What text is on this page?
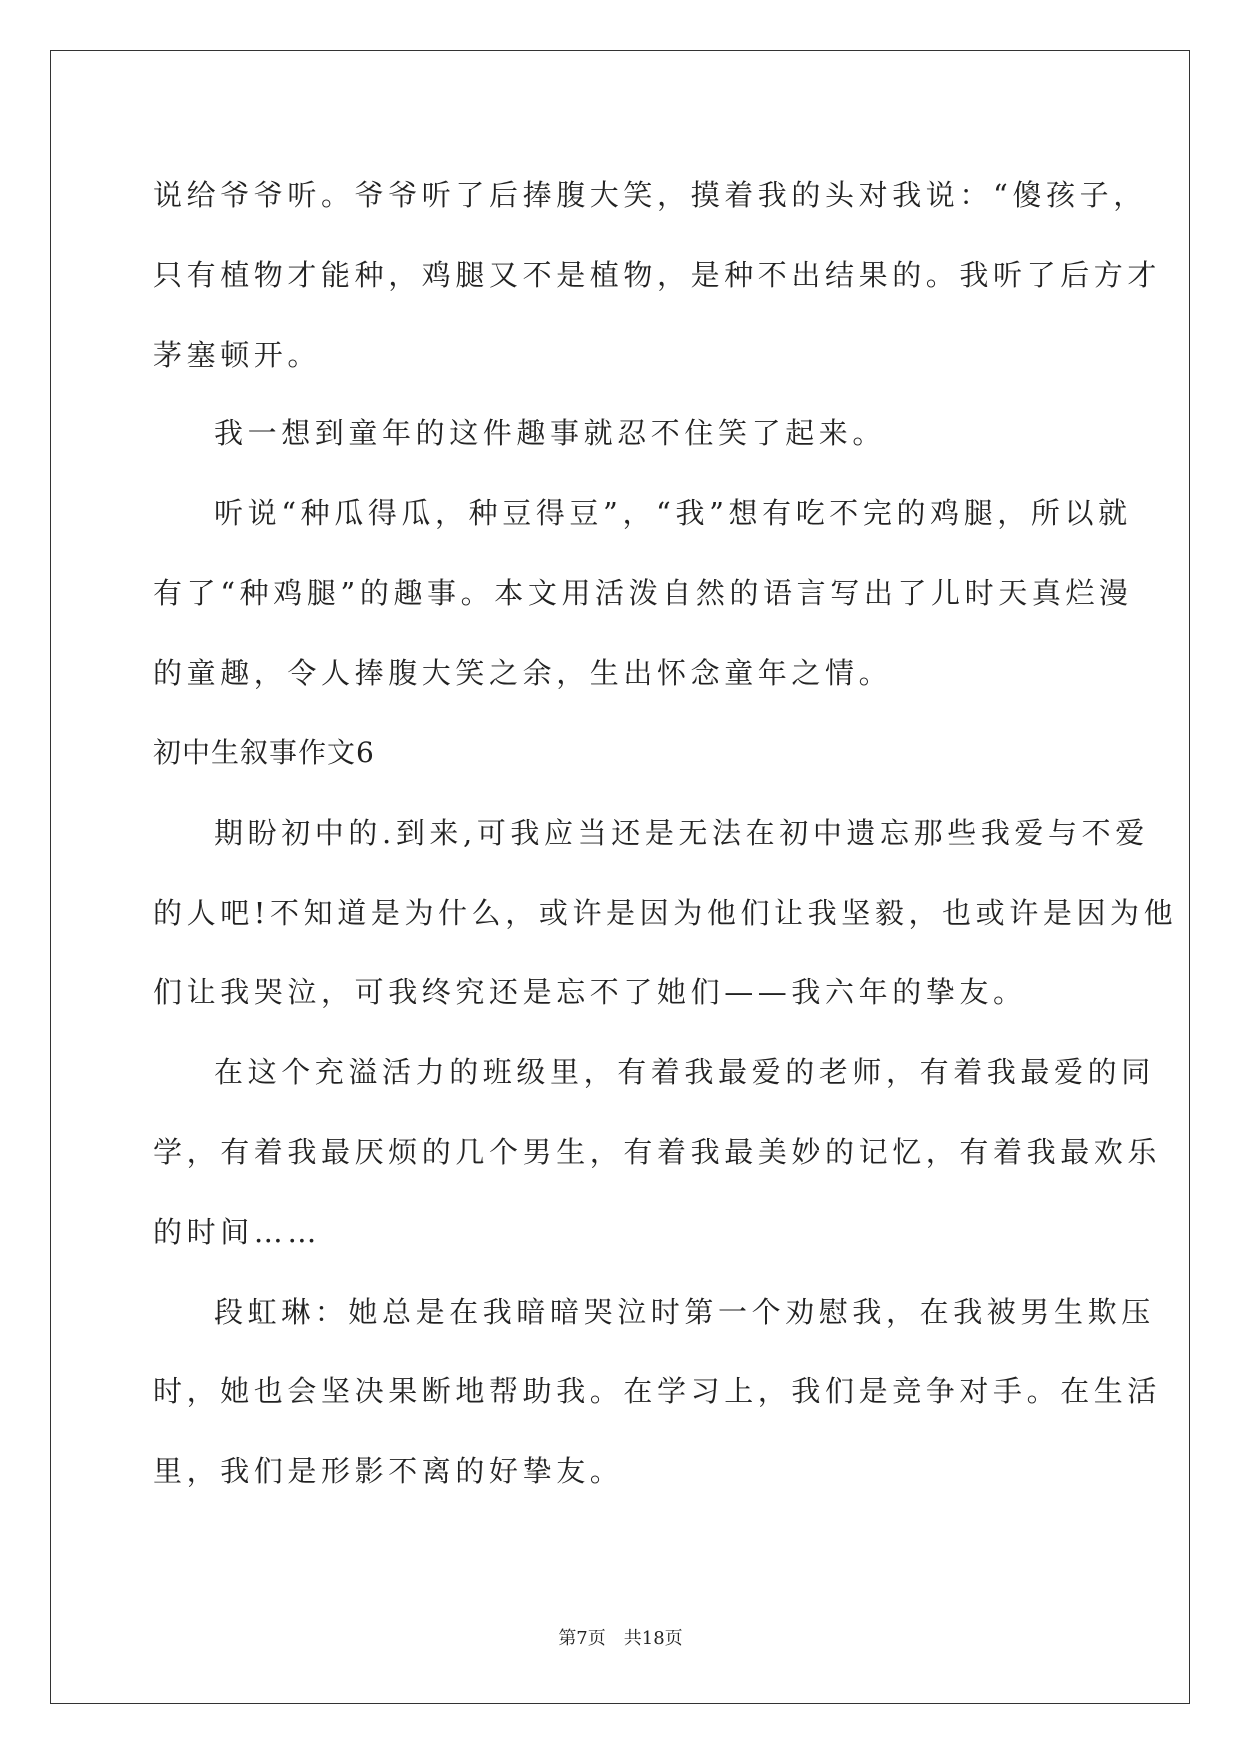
说给爷爷听。爷爷听了后捧腹大笑，摸着我的头对我说：“傻孩子，
只有植物才能种，鸡腿又不是植物，是种不出结果的。我听了后方才
茅塞顿开。
我一想到童年的这件趣事就忍不住笑了起来。
听说“种瓜得瓜，种豆得豆”，“我”想有吃不完的鸡腿，所以就
有了“种鸡腿”的趣事。本文用活泼自然的语言写出了儿时天真烂漫
的童趣，令人捧腹大笑之余，生出怀念童年之情。
初中生叙事作文6
期盼初中的.到来,可我应当还是无法在初中遗忘那些我爱与不爱
的人吧!不知道是为什么，或许是因为他们让我坚毅，也或许是因为他
们让我哭泣，可我终究还是忘不了她们——我六年的挚友。
在这个充溢活力的班级里，有着我最爱的老师，有着我最爱的同
学，有着我最厌烦的几个男生，有着我最美妙的记忆，有着我最欢乐
的时间……
段虹琳：她总是在我暗暗哭泣时第一个劝慰我，在我被男生欺压
时，她也会坚决果断地帮助我。在学习上，我们是竞争对手。在生活
里，我们是形影不离的好挚友。
第7页　共18页
